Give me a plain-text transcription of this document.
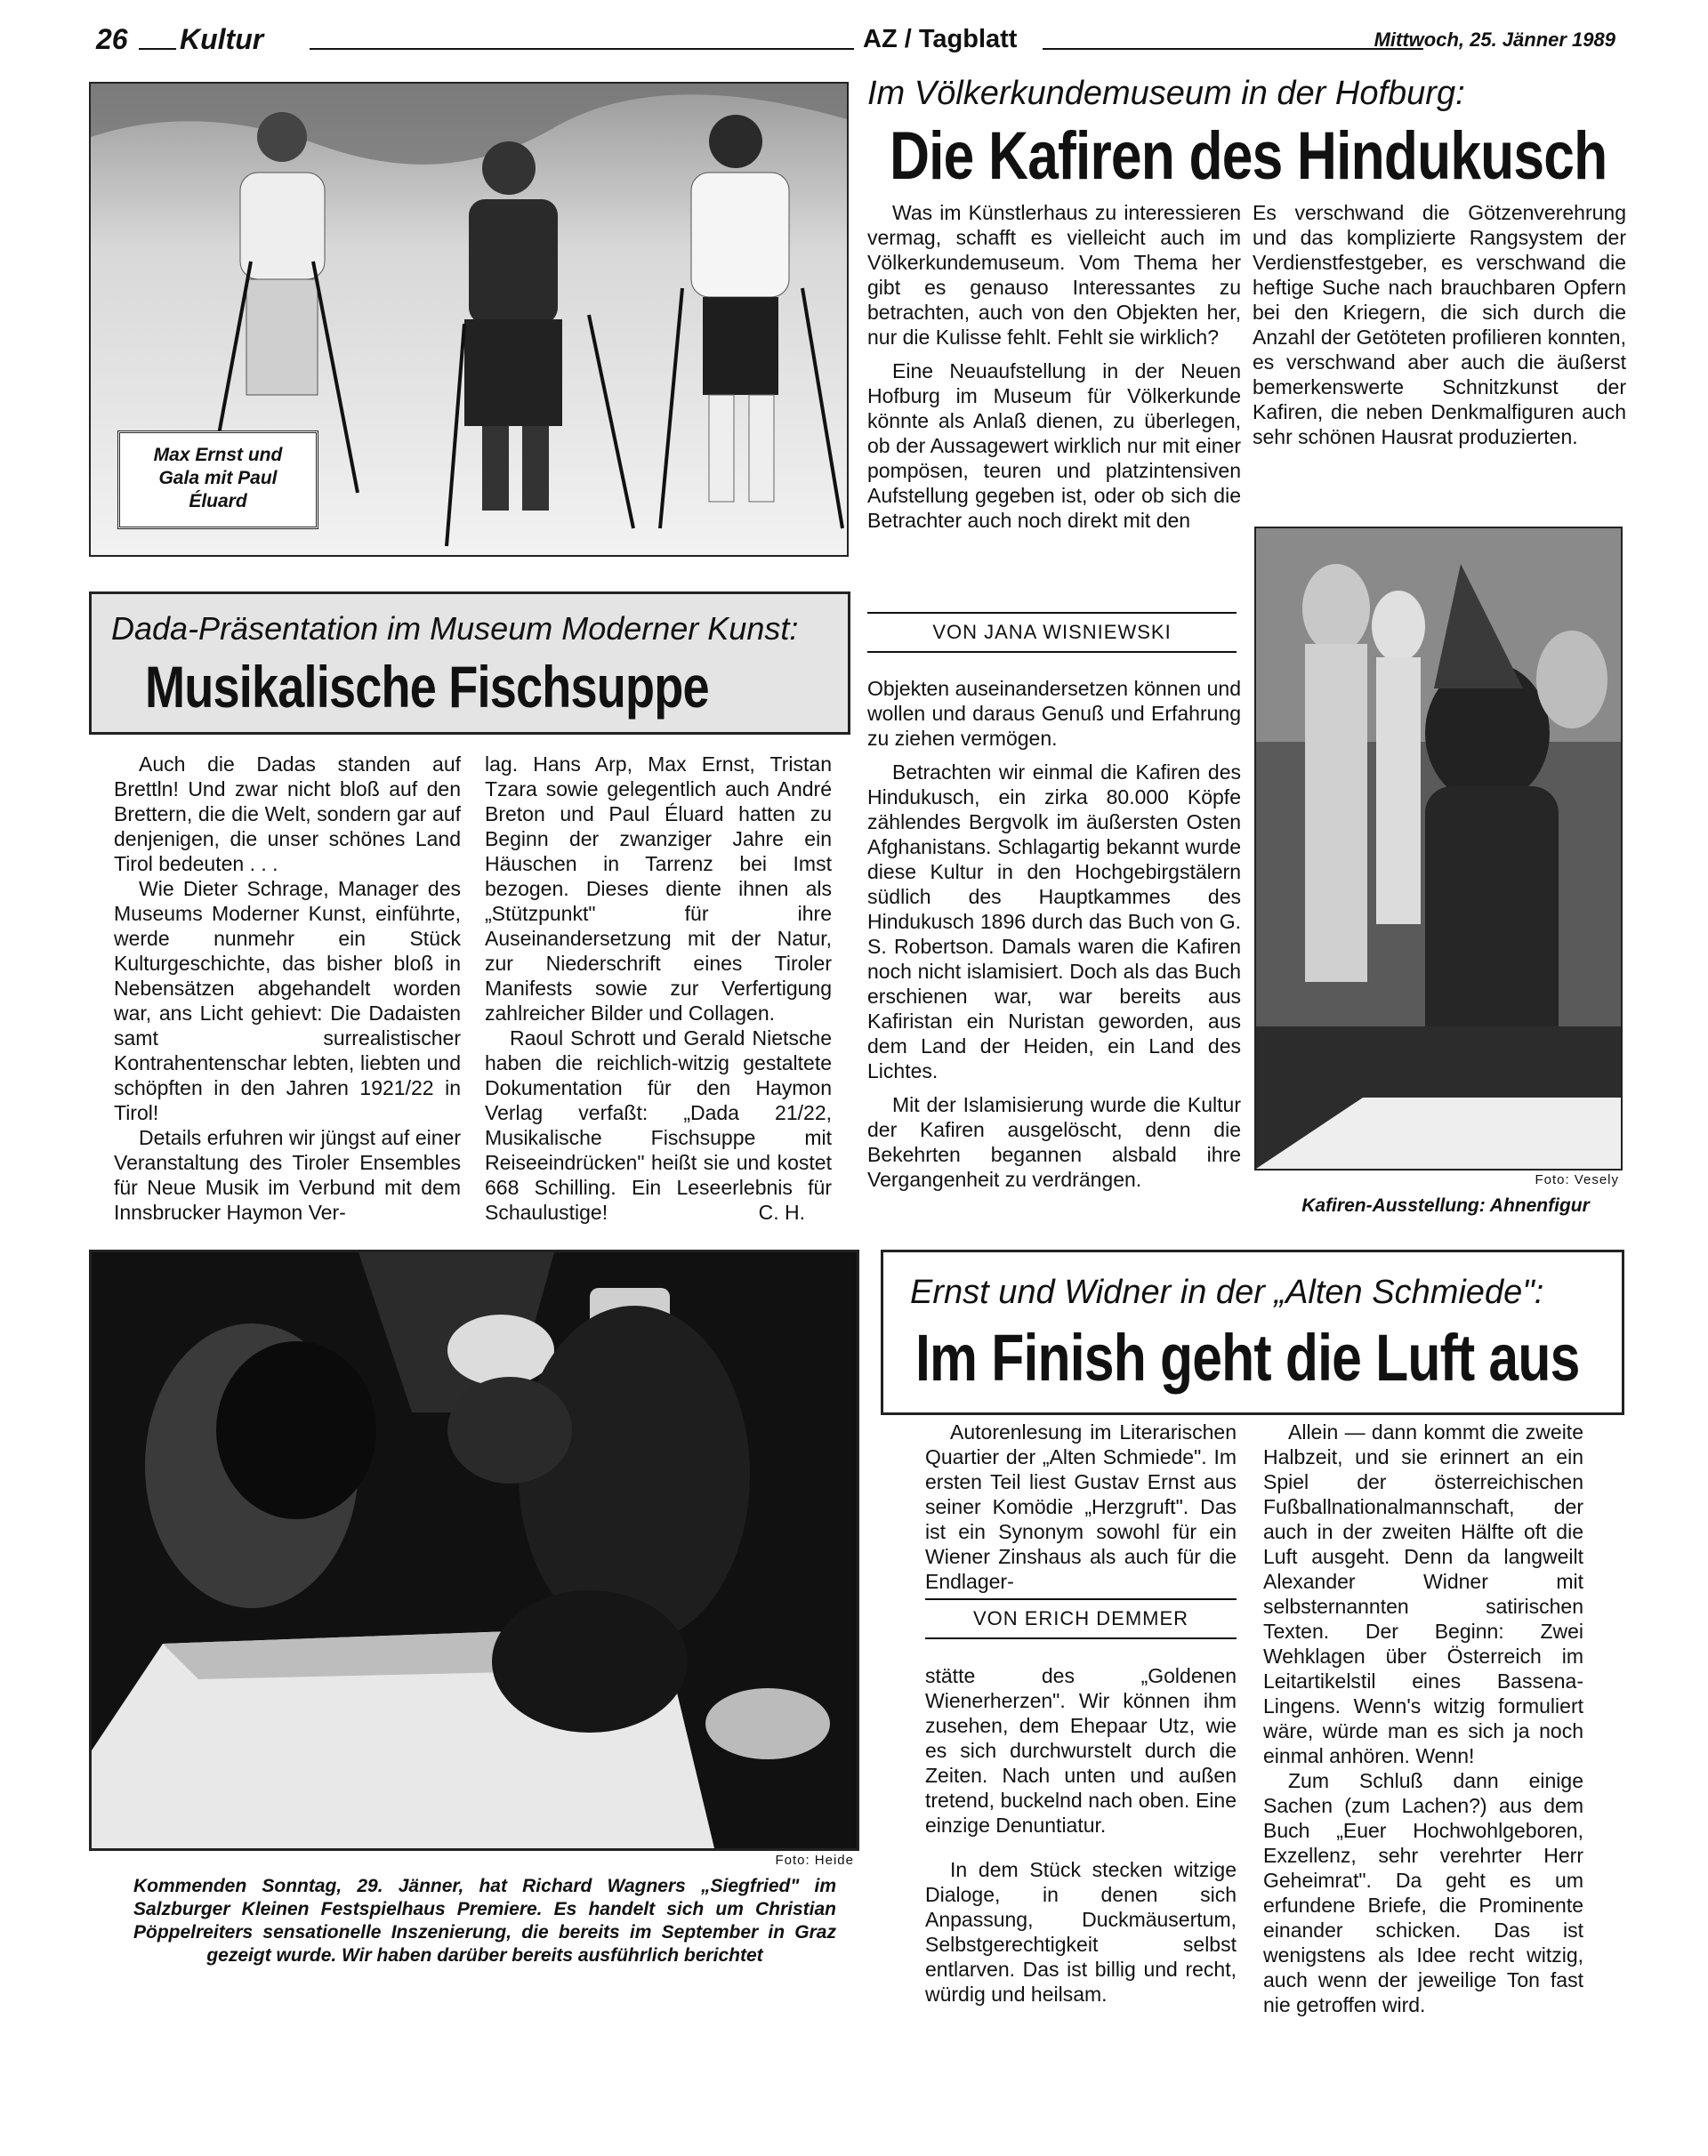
26 Kultur	AZ / Tagblatt	Mittwoch, 25. Jänner 1989
Max Ernst und Gala mit Paul Éluard
Dada-Präsentation im Museum Moderner Kunst:
Musikalische Fischsuppe

Auch die Dadas standen auf Brettln! Und zwar nicht bloß auf den Brettern, die die Welt, sondern gar auf denjenigen, die unser schönes Land Tirol bedeuten . . .

Wie Dieter Schrage, Manager des Museums Moderner Kunst, einführte, werde nunmehr ein Stück Kulturgeschichte, das bisher bloß in Nebensätzen abgehandelt worden war, ans Licht gehievt: Die Dadaisten samt surrealistischer Kontrahentenschar lebten, liebten und schöpften in den Jahren 1921/22 in Tirol!

Details erfuhren wir jüngst auf einer Veranstaltung des Tiroler Ensembles für Neue Musik im Verbund mit dem Innsbrucker Haymon Ver-

lag. Hans Arp, Max Ernst, Tristan Tzara sowie gelegentlich auch André Breton und Paul Éluard hatten zu Beginn der zwanziger Jahre ein Häuschen in Tarrenz bei Imst bezogen. Dieses diente ihnen als „Stützpunkt" für ihre Auseinandersetzung mit der Natur, zur Niederschrift eines Tiroler Manifests sowie zur Verfertigung zahlreicher Bilder und Collagen.

Raoul Schrott und Gerald Nietsche haben die reichlich-witzig gestaltete Dokumentation für den Haymon Verlag verfaßt: „Dada 21/22, Musikalische Fischsuppe mit Reiseeindrücken" heißt sie und kostet 668 Schilling. Ein Leseerlebnis für Schaulustige!	C. H.
Im Völkerkundemuseum in der Hofburg:
Die Kafiren des Hindukusch

Was im Künstlerhaus zu interessieren vermag, schafft es vielleicht auch im Völkerkundemuseum. Vom Thema her gibt es genauso Interessantes zu betrachten, auch von den Objekten her, nur die Kulisse fehlt. Fehlt sie wirklich?

Eine Neuaufstellung in der Neuen Hofburg im Museum für Völkerkunde könnte als Anlaß dienen, zu überlegen, ob der Aussagewert wirklich nur mit einer pompösen, teuren und platzintensiven Aufstellung gegeben ist, oder ob sich die Betrachter auch noch direkt mit den

VON JANA WISNIEWSKI

Objekten auseinandersetzen können und wollen und daraus Genuß und Erfahrung zu ziehen vermögen.

Betrachten wir einmal die Kafiren des Hindukusch, ein zirka 80.000 Köpfe zählendes Bergvolk im äußersten Osten Afghanistans. Schlagartig bekannt wurde diese Kultur in den Hochgebirgstälern südlich des Hauptkammes des Hindukusch 1896 durch das Buch von G. S. Robertson. Damals waren die Kafiren noch nicht islamisiert. Doch als das Buch erschienen war, war bereits aus Kafiristan ein Nuristan geworden, aus dem Land der Heiden, ein Land des Lichtes.

Mit der Islamisierung wurde die Kultur der Kafiren ausgelöscht, denn die Bekehrten begannen alsbald ihre Vergangenheit zu verdrängen.

Es verschwand die Götzenverehrung und das komplizierte Rangsystem der Verdienstfestgeber, es verschwand die heftige Suche nach brauchbaren Opfern bei den Kriegern, die sich durch die Anzahl der Getöteten profilieren konnten, es verschwand aber auch die äußerst bemerkenswerte Schnitzkunst der Kafiren, die neben Denkmalfiguren auch sehr schönen Hausrat produzierten.

Foto: Vesely
Kafiren-Ausstellung: Ahnenfigur
Foto: Heide
Kommenden Sonntag, 29. Jänner, hat Richard Wagners „Siegfried" im Salzburger Kleinen Festspielhaus Premiere. Es handelt sich um Christian Pöppelreiters sensationelle Inszenierung, die bereits im September in Graz gezeigt wurde. Wir haben darüber bereits ausführlich berichtet
Ernst und Widner in der „Alten Schmiede":
Im Finish geht die Luft aus

Autorenlesung im Literarischen Quartier der „Alten Schmiede". Im ersten Teil liest Gustav Ernst aus seiner Komödie „Herzgruft". Das ist ein Synonym sowohl für ein Wiener Zinshaus als auch für die Endlager-

VON ERICH DEMMER

stätte des „Goldenen Wienerherzen". Wir können ihm zusehen, dem Ehepaar Utz, wie es sich durchwurstelt durch die Zeiten. Nach unten und außen tretend, buckelnd nach oben. Eine einzige Denuntiatur.

In dem Stück stecken witzige Dialoge, in denen sich Anpassung, Duckmäusertum, Selbstgerechtigkeit selbst entlarven. Das ist billig und recht, würdig und heilsam.

Allein — dann kommt die zweite Halbzeit, und sie erinnert an ein Spiel der österreichischen Fußballnationalmannschaft, der auch in der zweiten Hälfte oft die Luft ausgeht. Denn da langweilt Alexander Widner mit selbsternannten satirischen Texten. Der Beginn: Zwei Wehklagen über Österreich im Leitartikelstil eines Bassena-Lingens. Wenn's witzig formuliert wäre, würde man es sich ja noch einmal anhören. Wenn!

Zum Schluß dann einige Sachen (zum Lachen?) aus dem Buch „Euer Hochwohlgeboren, Exzellenz, sehr verehrter Herr Geheimrat". Da geht es um erfundene Briefe, die Prominente einander schicken. Das ist wenigstens als Idee recht witzig, auch wenn der jeweilige Ton fast nie getroffen wird.
